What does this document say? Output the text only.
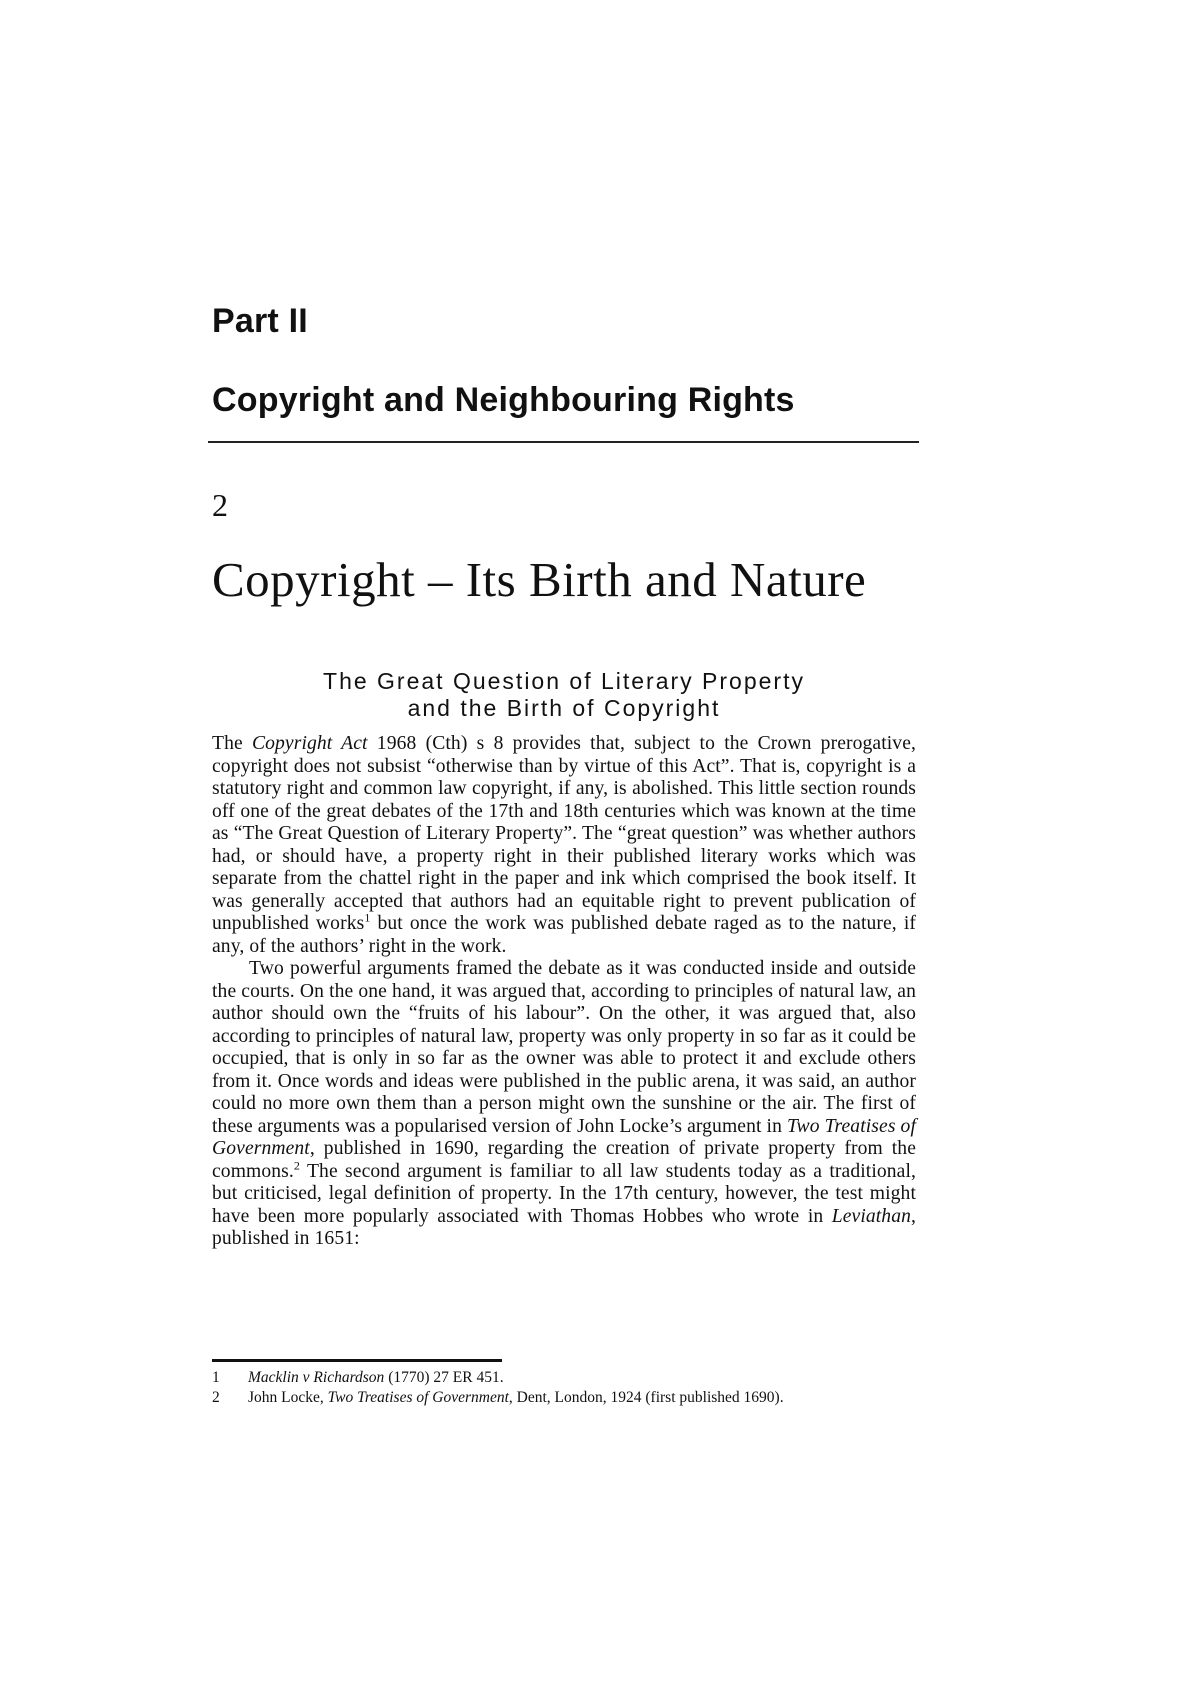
Part II
Copyright and Neighbouring Rights
2
Copyright – Its Birth and Nature
The Great Question of Literary Property
and the Birth of Copyright

The Copyright Act 1968 (Cth) s 8 provides that, subject to the Crown prerogative, copyright does not subsist “otherwise than by virtue of this Act”. That is, copyright is a statutory right and common law copyright, if any, is abolished. This little section rounds off one of the great debates of the 17th and 18th centuries which was known at the time as “The Great Question of Literary Property”. The “great question” was whether authors had, or should have, a property right in their published literary works which was separate from the chattel right in the paper and ink which comprised the book itself. It was generally accepted that authors had an equitable right to prevent publication of unpublished works$^1$ but once the work was published debate raged as to the nature, if any, of the authors’ right in the work.

Two powerful arguments framed the debate as it was conducted inside and outside the courts. On the one hand, it was argued that, according to principles of natural law, an author should own the “fruits of his labour”. On the other, it was argued that, also according to principles of natural law, property was only property in so far as it could be occupied, that is only in so far as the owner was able to protect it and exclude others from it. Once words and ideas were published in the public arena, it was said, an author could no more own them than a person might own the sunshine or the air. The first of these arguments was a popularised version of John Locke’s argument in Two Treatises of Government, published in 1690, regarding the creation of private property from the commons.$^2$ The second argument is familiar to all law students today as a traditional, but criticised, legal definition of property. In the 17th century, however, the test might have been more popularly associated with Thomas Hobbes who wrote in Leviathan, published in 1651:

1	Macklin v Richardson (1770) 27 ER 451.
2	John Locke, Two Treatises of Government, Dent, London, 1924 (first published 1690).
